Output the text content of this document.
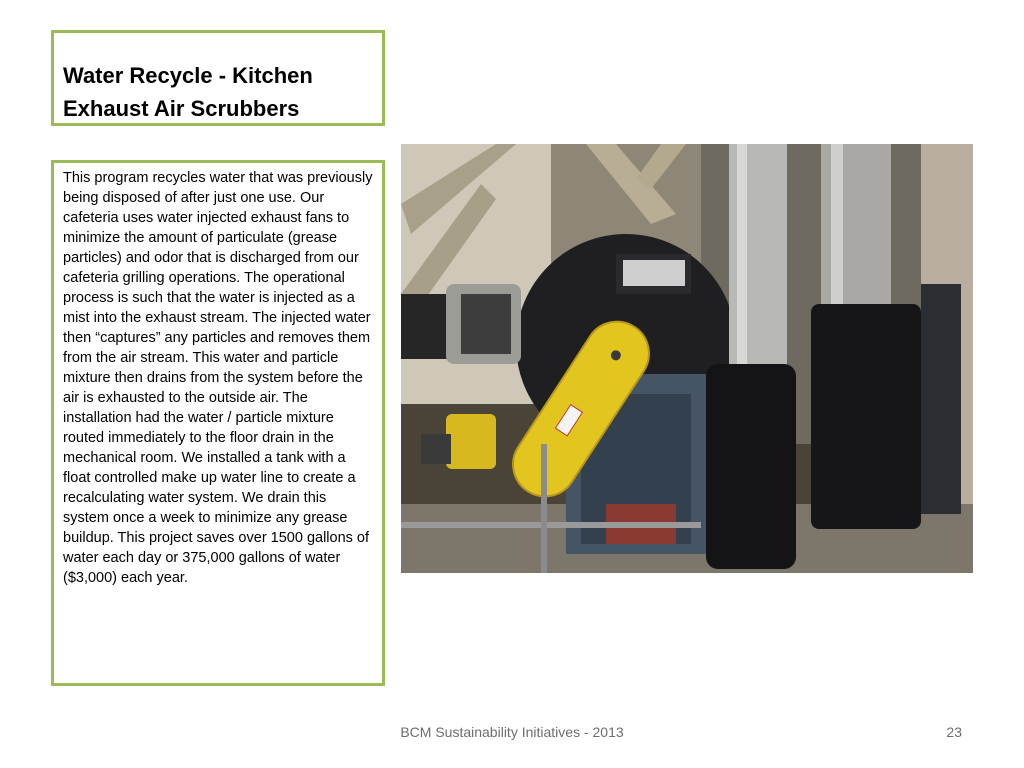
Water Recycle - Kitchen Exhaust Air Scrubbers

This program recycles water that was previously being disposed of after just one use. Our cafeteria uses water injected exhaust fans to minimize the amount of particulate (grease particles) and odor that is discharged from our cafeteria grilling operations. The operational process is such that the water is injected as a mist into the exhaust stream. The injected water then “captures” any particles and removes them from the air stream. This water and particle mixture then drains from the system before the air is exhausted to the outside air. The installation had the water / particle mixture routed immediately to the floor drain in the mechanical room. We installed a tank with a float controlled make up water line to create a recalculating water system. We drain this system once a week to minimize any grease buildup. This project saves over 1500 gallons of water each day or 375,000 gallons of water ($3,000) each year.

BCM Sustainability Initiatives - 2013	23
